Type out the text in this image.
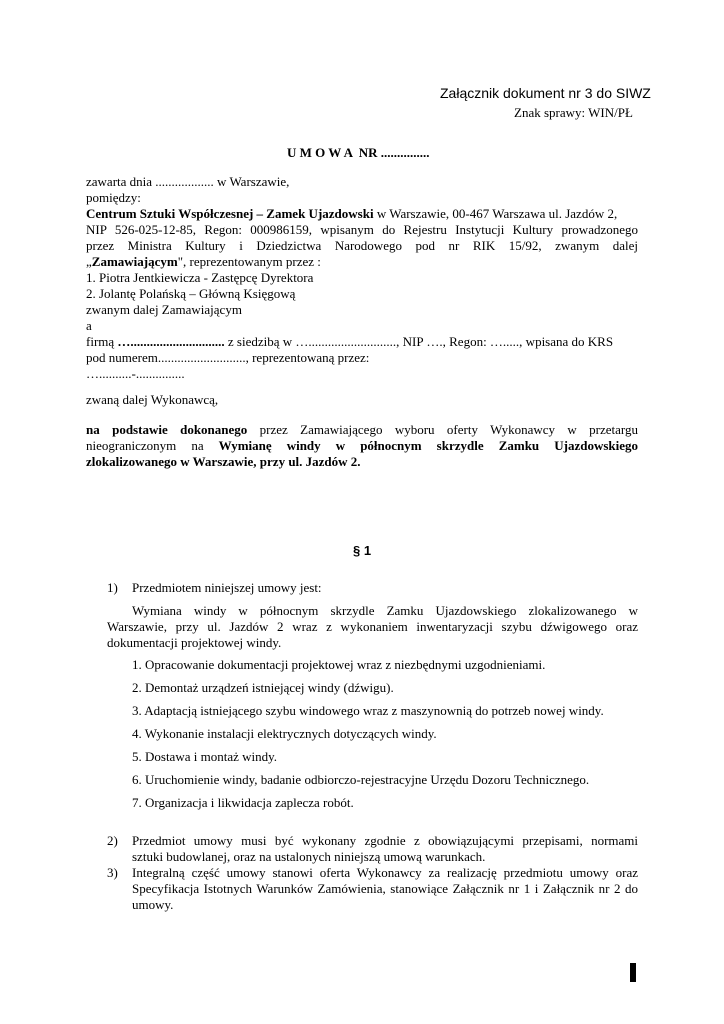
Załącznik dokument nr 3 do SIWZ
Znak sprawy: WIN/PŁ
U M O W A  NR ...............
zawarta dnia .................. w Warszawie,
pomiędzy:
Centrum Sztuki Współczesnej – Zamek Ujazdowski w Warszawie, 00-467 Warszawa ul. Jazdów 2,
NIP 526-025-12-85, Regon: 000986159, wpisanym do Rejestru Instytucji Kultury prowadzonego
przez Ministra Kultury i Dziedzictwa Narodowego pod nr RIK 15/92, zwanym dalej
„Zamawiającym", reprezentowanym przez :
1. Piotra Jentkiewicza - Zastępcę Dyrektora
2. Jolantę Polańską – Główną Księgową
zwanym dalej Zamawiającym
a
firmą …............................. z siedzibą w …..........................., NIP …., Regon: …....., wpisana do KRS
pod numerem..........................., reprezentowaną przez:
…..........-...............
zwaną dalej Wykonawcą,
na podstawie dokonanego przez Zamawiającego wyboru oferty Wykonawcy w przetargu
nieograniczonym na Wymianę windy w północnym skrzydle Zamku Ujazdowskiego
zlokalizowanego w Warszawie, przy ul. Jazdów 2.
§ 1
1) Przedmiotem niniejszej umowy jest:
Wymiana windy w północnym skrzydle Zamku Ujazdowskiego zlokalizowanego w
Warszawie, przy ul. Jazdów 2 wraz z wykonaniem inwentaryzacji szybu dźwigowego oraz
dokumentacji projektowej windy.
1. Opracowanie dokumentacji projektowej wraz z niezbędnymi uzgodnieniami.
2. Demontaż urządzeń istniejącej windy (dźwigu).
3. Adaptacją istniejącego szybu windowego wraz z maszynownią do potrzeb nowej windy.
4. Wykonanie instalacji elektrycznych dotyczących windy.
5. Dostawa i montaż windy.
6. Uruchomienie windy, badanie odbiorczo-rejestracyjne Urzędu Dozoru Technicznego.
7. Organizacja i likwidacja zaplecza robót.
2) Przedmiot umowy musi być wykonany zgodnie z obowiązującymi przepisami, normami
sztuki budowlanej, oraz na ustalonych niniejszą umową warunkach.
3) Integralną część umowy stanowi oferta Wykonawcy za realizację przedmiotu umowy oraz
Specyfikacja Istotnych Warunków Zamówienia, stanowiące Załącznik nr 1 i Załącznik nr 2 do
umowy.
